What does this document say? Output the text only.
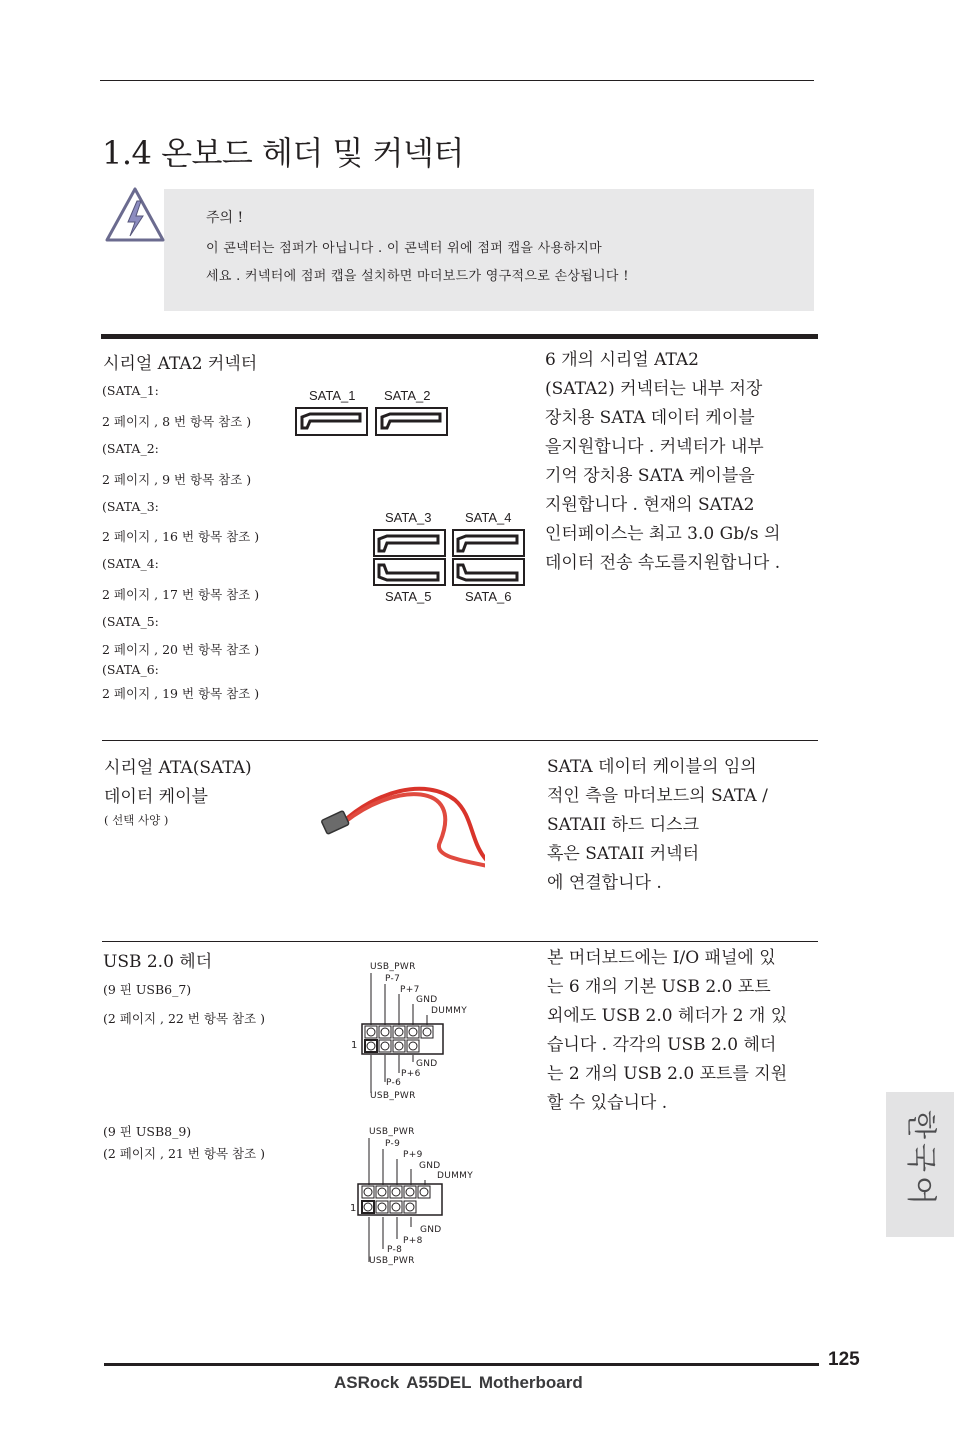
1.4 온보드 헤더 및 커넥터
주의 !
이 콘넥터는 점퍼가 아닙니다 . 이 콘넥터 위에 점퍼 캡을 사용하지마
세요 . 커넥터에 점퍼 캡을 설치하면 마더보드가 영구적으로 손상됩니다 !
시리얼 ATA2 커넥터
(SATA_1:
2 페이지 , 8 번 항목 참조 )
(SATA_2:
2 페이지 , 9 번 항목 참조 )
(SATA_3:
2 페이지 , 16 번 항목 참조 )
(SATA_4:
2 페이지 , 17 번 항목 참조 )
(SATA_5:
2 페이지 , 20 번 항목 참조 )
(SATA_6:
2 페이지 , 19 번 항목 참조 )
SATA_1 SATA_2
SATA_3	SATA_4
SATA_5	SATA_6
6 개의 시리얼 ATA2
(SATA2) 커넥터는 내부 저장
장치용 SATA 데이터 케이블
을지원합니다 . 커넥터가 내부
기억 장치용 SATA 케이블을
지원합니다 . 현재의 SATA2
인터페이스는 최고 3.0 Gb/s 의
데이터 전송 속도를지원합니다 .
시리얼 ATA(SATA)
데이터 케이블
( 선택 사양 )
SATA 데이터 케이블의 임의
적인 측을 마더보드의 SATA /
SATAII 하드 디스크
혹은 SATAII 커넥터
에 연결합니다 .
USB 2.0 헤더
(9 핀 USB6_7)
(2 페이지 , 22 번 항목 참조 )
(9 핀 USB8_9)
(2 페이지 , 21 번 항목 참조 )
USB_PWR
P-7
P+7
GND
DUMMY
1
GND
P+6
P-6
USB_PWR
USB_PWR
P-9
P+9
GND
DUMMY
1
GND
P+8
P-8
USB_PWR
본 머더보드에는 I/O 패널에 있
는 6 개의 기본 USB 2.0 포트
외에도 USB 2.0 헤더가 2 개 있
습니다 . 각각의 USB 2.0 헤더
는 2 개의 USB 2.0 포트를 지원
할 수 있습니다 .
한국어
125
ASRock A55DEL Motherboard
